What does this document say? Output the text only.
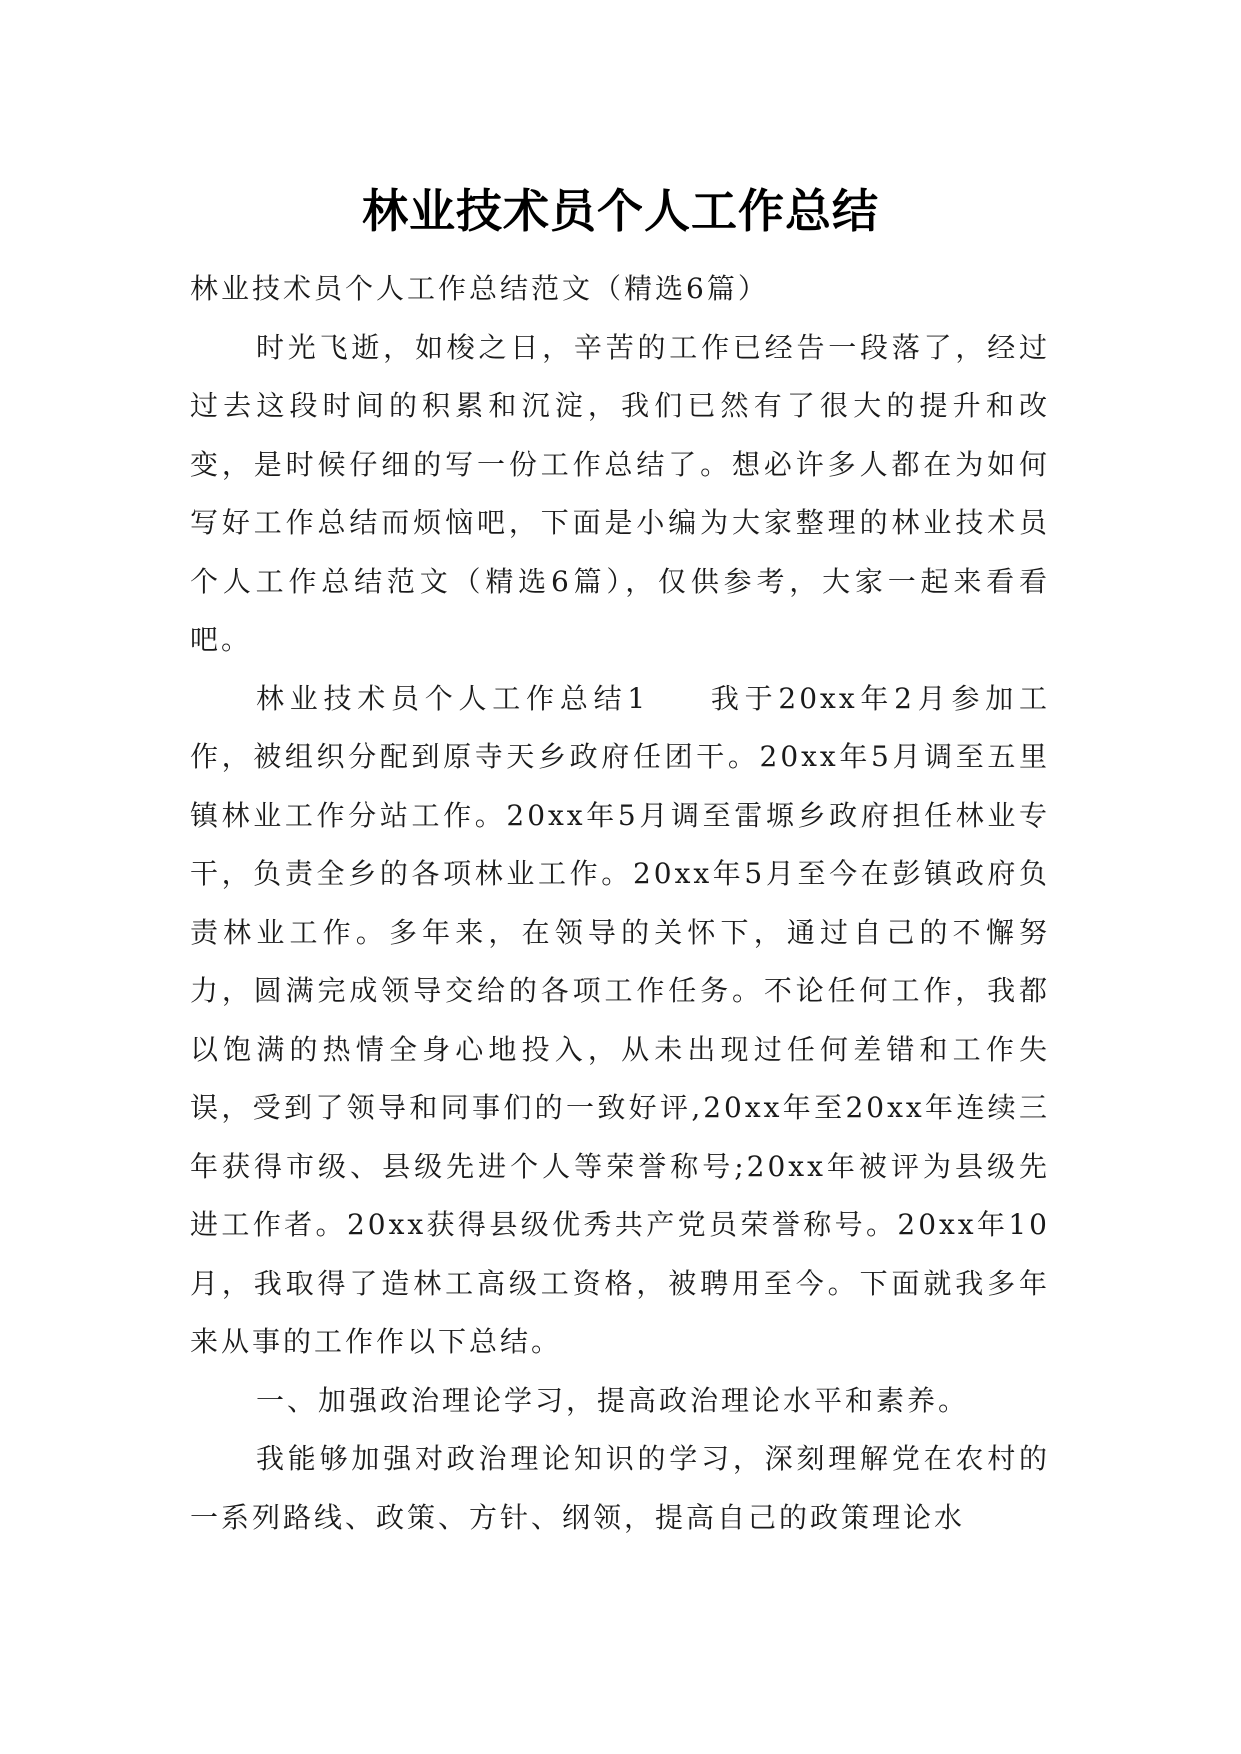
林业技术员个人工作总结

林业技术员个人工作总结范文（精选6篇）

时光飞逝，如梭之日，辛苦的工作已经告一段落了，经过过去这段时间的积累和沉淀，我们已然有了很大的提升和改变，是时候仔细的写一份工作总结了。想必许多人都在为如何写好工作总结而烦恼吧，下面是小编为大家整理的林业技术员个人工作总结范文（精选6篇），仅供参考，大家一起来看看吧。

林业技术员个人工作总结1 我于20xx年2月参加工作，被组织分配到原寺天乡政府任团干。20xx年5月调至五里镇林业工作分站工作。20xx年5月调至雷塬乡政府担任林业专干，负责全乡的各项林业工作。20xx年5月至今在彭镇政府负责林业工作。多年来，在领导的关怀下，通过自己的不懈努力，圆满完成领导交给的各项工作任务。不论任何工作，我都以饱满的热情全身心地投入，从未出现过任何差错和工作失误，受到了领导和同事们的一致好评,20xx年至20xx年连续三年获得市级、县级先进个人等荣誉称号;20xx年被评为县级先进工作者。20xx获得县级优秀共产党员荣誉称号。20xx年10月，我取得了造林工高级工资格，被聘用至今。下面就我多年来从事的工作作以下总结。

一、加强政治理论学习，提高政治理论水平和素养。

我能够加强对政治理论知识的学习，深刻理解党在农村的一系列路线、政策、方针、纲领，提高自己的政策理论水
